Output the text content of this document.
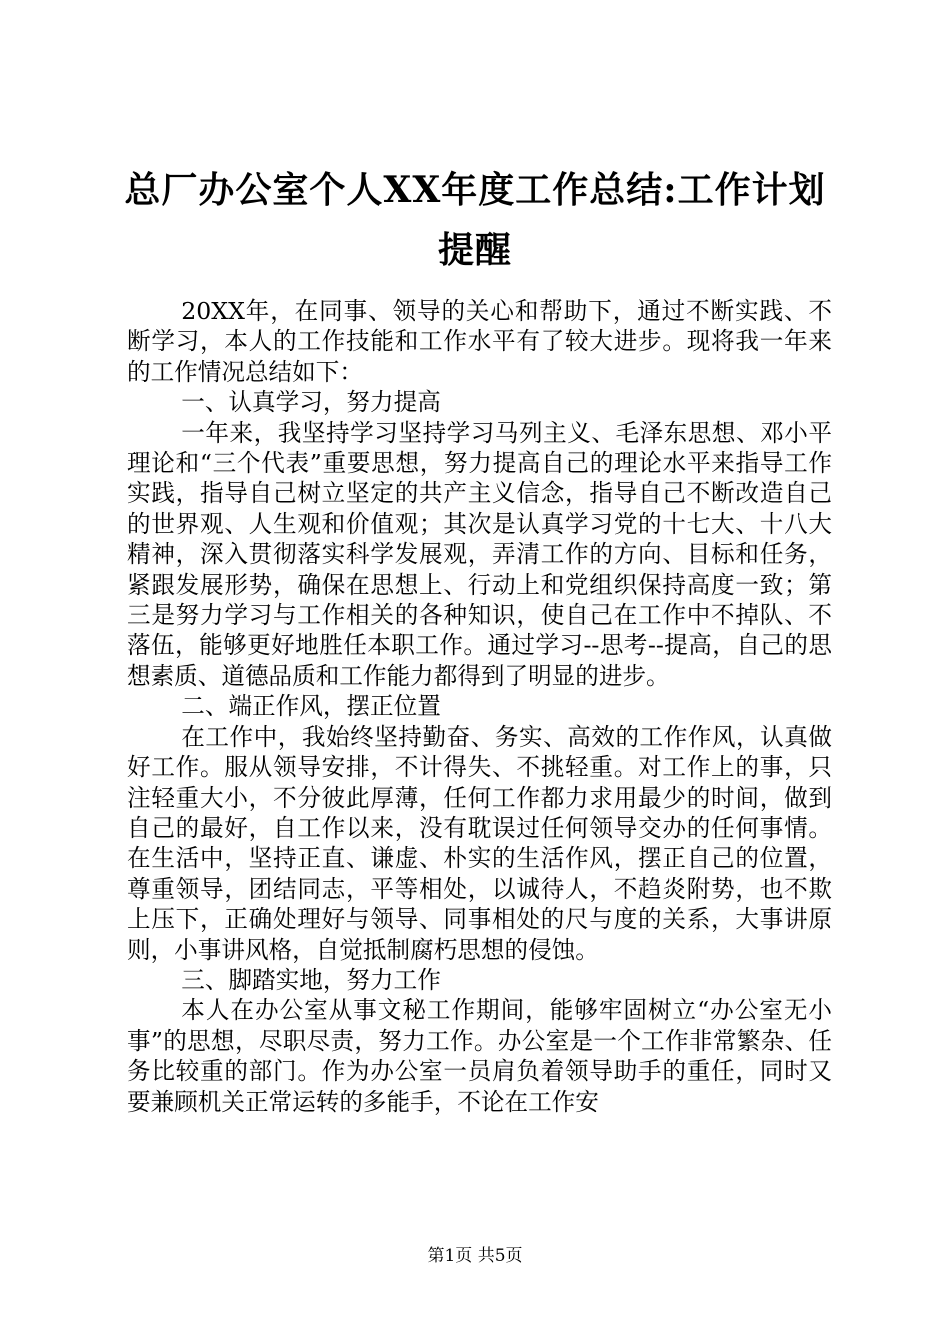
总厂办公室个人XX年度工作总结:工作计划提醒

20XX年，在同事、领导的关心和帮助下，通过不断实践、不断学习，本人的工作技能和工作水平有了较大进步。现将我一年来的工作情况总结如下：

一、认真学习，努力提高

一年来，我坚持学习坚持学习马列主义、毛泽东思想、邓小平理论和“三个代表”重要思想，努力提高自己的理论水平来指导工作实践，指导自己树立坚定的共产主义信念，指导自己不断改造自己的世界观、人生观和价值观；其次是认真学习党的十七大、十八大精神，深入贯彻落实科学发展观，弄清工作的方向、目标和任务，紧跟发展形势，确保在思想上、行动上和党组织保持高度一致；第三是努力学习与工作相关的各种知识，使自己在工作中不掉队、不落伍，能够更好地胜任本职工作。通过学习--思考--提高，自己的思想素质、道德品质和工作能力都得到了明显的进步。

二、端正作风，摆正位置

在工作中，我始终坚持勤奋、务实、高效的工作作风，认真做好工作。服从领导安排，不计得失、不挑轻重。对工作上的事，只注轻重大小，不分彼此厚薄，任何工作都力求用最少的时间，做到自己的最好，自工作以来，没有耽误过任何领导交办的任何事情。在生活中，坚持正直、谦虚、朴实的生活作风，摆正自己的位置，尊重领导，团结同志，平等相处，以诚待人，不趋炎附势，也不欺上压下，正确处理好与领导、同事相处的尺与度的关系，大事讲原则，小事讲风格，自觉抵制腐朽思想的侵蚀。

三、脚踏实地，努力工作

本人在办公室从事文秘工作期间，能够牢固树立“办公室无小事”的思想，尽职尽责，努力工作。办公室是一个工作非常繁杂、任务比较重的部门。作为办公室一员肩负着领导助手的重任，同时又要兼顾机关正常运转的多能手，不论在工作安

第1页 共5页
